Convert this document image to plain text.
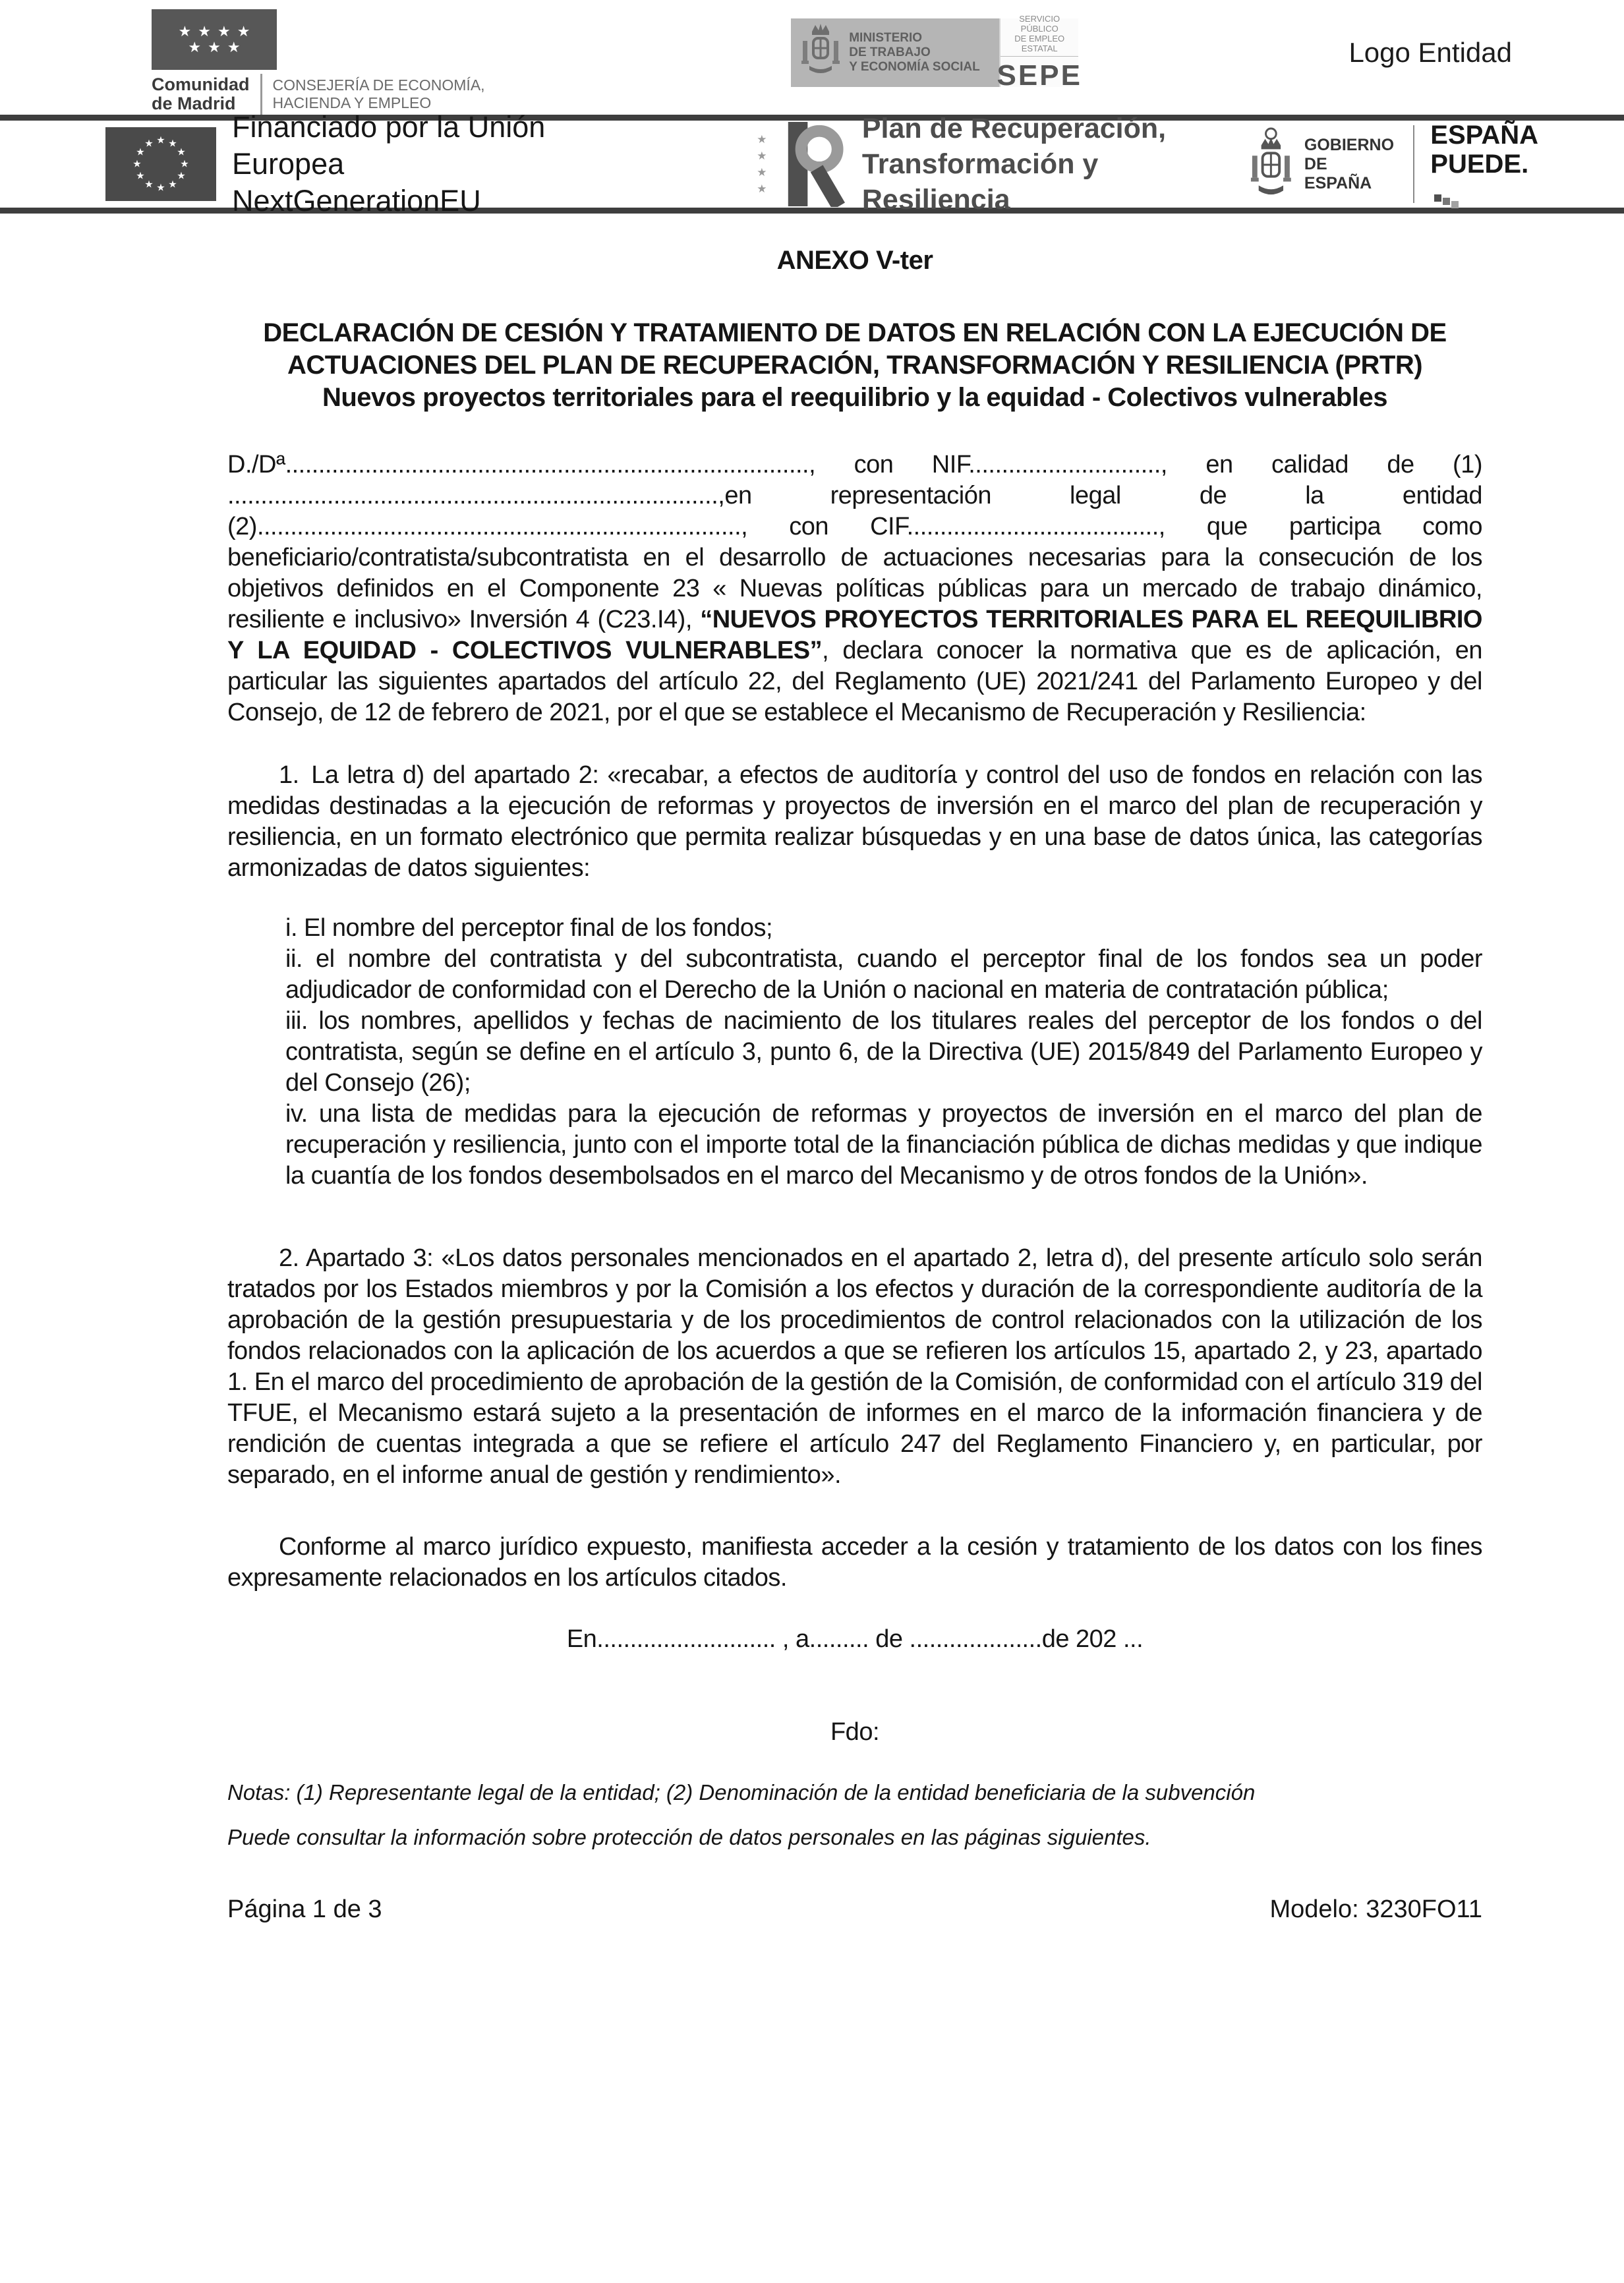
★★★★
★★★
Comunidad
de Madrid
CONSEJERÍA DE ECONOMÍA,
HACIENDA Y EMPLEO
MINISTERIO
DE TRABAJO
Y ECONOMÍA SOCIAL
SERVICIO PÚBLICO
DE EMPLEO ESTATAL
SEPE
Logo Entidad
★ ★
★
★
★
★
★
★
★
★
★
★	Financiado por la Unión Europea
NextGenerationEU
★
★
★
★
Plan de Recuperación,
Transformación y Resiliencia
GOBIERNO
DE ESPAÑA
ESPAÑA
PUEDE.
ANEXO V-ter
DECLARACIÓN DE CESIÓN Y TRATAMIENTO DE DATOS EN RELACIÓN CON LA EJECUCIÓN DE ACTUACIONES DEL PLAN DE RECUPERACIÓN, TRANSFORMACIÓN Y RESILIENCIA (PRTR)
Nuevos proyectos territoriales para el reequilibrio y la equidad - Colectivos vulnerables

D./Dª..............................................................................., con NIF............................., en calidad de (1) ..........................................................................,en representación legal de la entidad (2)........................................................................., con CIF......................................, que participa como beneficiario/contratista/subcontratista en el desarrollo de actuaciones necesarias para la consecución de los objetivos definidos en el Componente 23 « Nuevas políticas públicas para un mercado de trabajo dinámico, resiliente e inclusivo» Inversión 4 (C23.I4), “NUEVOS PROYECTOS TERRITORIALES PARA EL REEQUILIBRIO Y LA EQUIDAD - COLECTIVOS VULNERABLES”, declara conocer la normativa que es de aplicación, en particular las siguientes apartados del artículo 22, del Reglamento (UE) 2021/241 del Parlamento Europeo y del Consejo, de 12 de febrero de 2021, por el que se establece el Mecanismo de Recuperación y Resiliencia:

1. La letra d) del apartado 2: «recabar, a efectos de auditoría y control del uso de fondos en relación con las medidas destinadas a la ejecución de reformas y proyectos de inversión en el marco del plan de recuperación y resiliencia, en un formato electrónico que permita realizar búsquedas y en una base de datos única, las categorías armonizadas de datos siguientes:

i. El nombre del perceptor final de los fondos;
ii. el nombre del contratista y del subcontratista, cuando el perceptor final de los fondos sea un poder adjudicador de conformidad con el Derecho de la Unión o nacional en materia de contratación pública;
iii. los nombres, apellidos y fechas de nacimiento de los titulares reales del perceptor de los fondos o del contratista, según se define en el artículo 3, punto 6, de la Directiva (UE) 2015/849 del Parlamento Europeo y del Consejo (26);
iv. una lista de medidas para la ejecución de reformas y proyectos de inversión en el marco del plan de recuperación y resiliencia, junto con el importe total de la financiación pública de dichas medidas y que indique la cuantía de los fondos desembolsados en el marco del Mecanismo y de otros fondos de la Unión».

2. Apartado 3: «Los datos personales mencionados en el apartado 2, letra d), del presente artículo solo serán tratados por los Estados miembros y por la Comisión a los efectos y duración de la correspondiente auditoría de la aprobación de la gestión presupuestaria y de los procedimientos de control relacionados con la utilización de los fondos relacionados con la aplicación de los acuerdos a que se refieren los artículos 15, apartado 2, y 23, apartado 1. En el marco del procedimiento de aprobación de la gestión de la Comisión, de conformidad con el artículo 319 del TFUE, el Mecanismo estará sujeto a la presentación de informes en el marco de la información financiera y de rendición de cuentas integrada a que se refiere el artículo 247 del Reglamento Financiero y, en particular, por separado, en el informe anual de gestión y rendimiento».

Conforme al marco jurídico expuesto, manifiesta acceder a la cesión y tratamiento de los datos con los fines expresamente relacionados en los artículos citados.

En........................... , a......... de ....................de 202 ...

Fdo:

Notas: (1) Representante legal de la entidad; (2) Denominación de la entidad beneficiaria de la subvención
Puede consultar la información sobre protección de datos personales en las páginas siguientes.
Página 1 de 3	Modelo: 3230FO11
